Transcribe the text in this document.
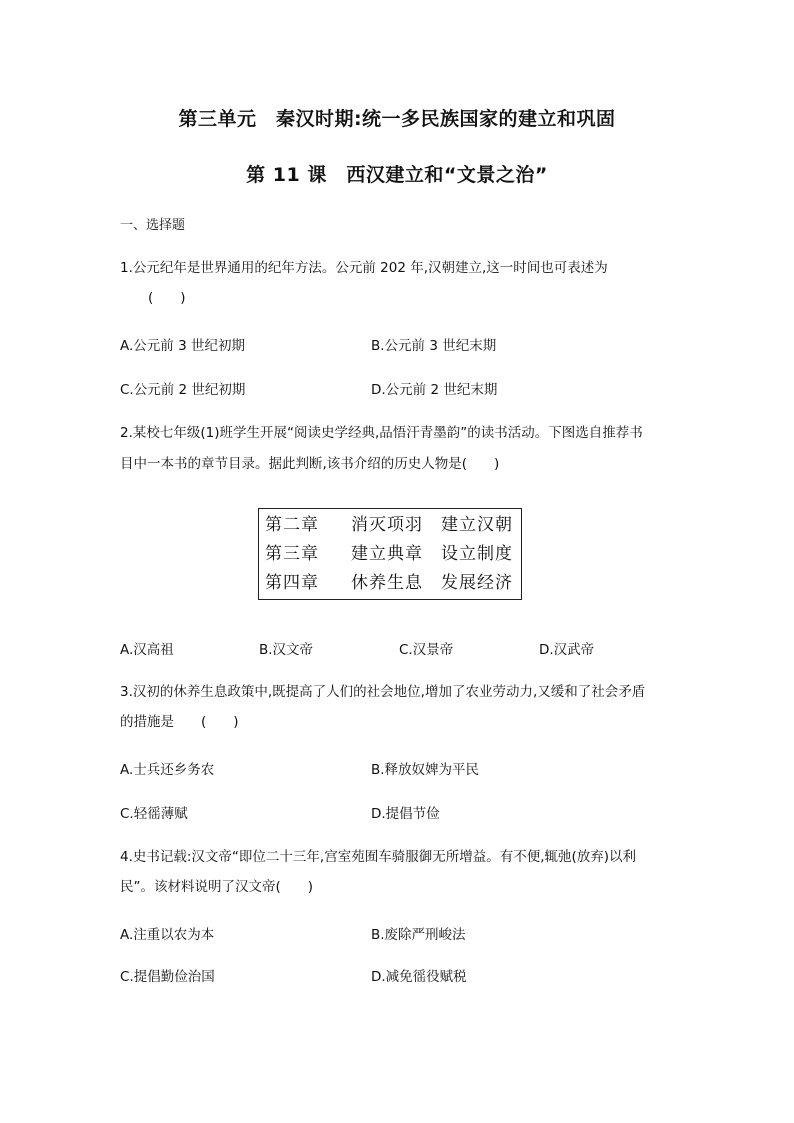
第三单元　秦汉时期:统一多民族国家的建立和巩固
第 11 课　西汉建立和“文景之治”
一、选择题
1.公元纪年是世界通用的纪年方法。公元前 202 年,汉朝建立,这一时间也可表述为
(　　)
A.公元前 3 世纪初期	B.公元前 3 世纪末期
C.公元前 2 世纪初期	D.公元前 2 世纪末期
2.某校七年级(1)班学生开展“阅读史学经典,品悟汗青墨韵”的读书活动。下图选自推荐书
目中一本书的章节目录。据此判断,该书介绍的历史人物是(　　)
第二章 消灭项羽 建立汉朝
第三章 建立典章 设立制度
第四章 休养生息 发展经济
A.汉高祖	B.汉文帝	C.汉景帝	D.汉武帝
3.汉初的休养生息政策中,既提高了人们的社会地位,增加了农业劳动力,又缓和了社会矛盾
的措施是　　(　　)
A.士兵还乡务农	B.释放奴婢为平民
C.轻徭薄赋	D.提倡节俭
4.史书记载:汉文帝“即位二十三年,宫室苑囿车骑服御无所增益。有不便,辄弛(放弃)以利
民”。该材料说明了汉文帝(　　)
A.注重以农为本	B.废除严刑峻法
C.提倡勤俭治国	D.减免徭役赋税
